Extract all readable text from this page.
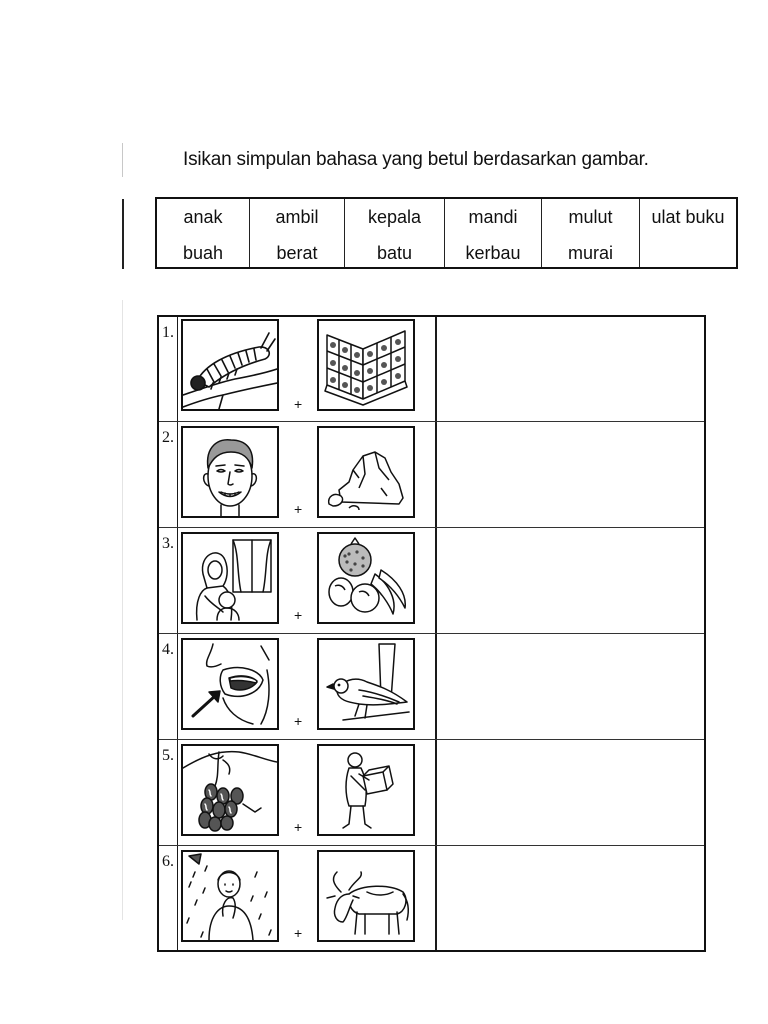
Isikan simpulan bahasa yang betul berdasarkan gambar.
anak
buah
ambil
berat
kepala
batu
mandi
kerbau
mulut
murai
ulat buku
1.
+
2.
+
3.
+
4.
+
5.
+
6.
+
